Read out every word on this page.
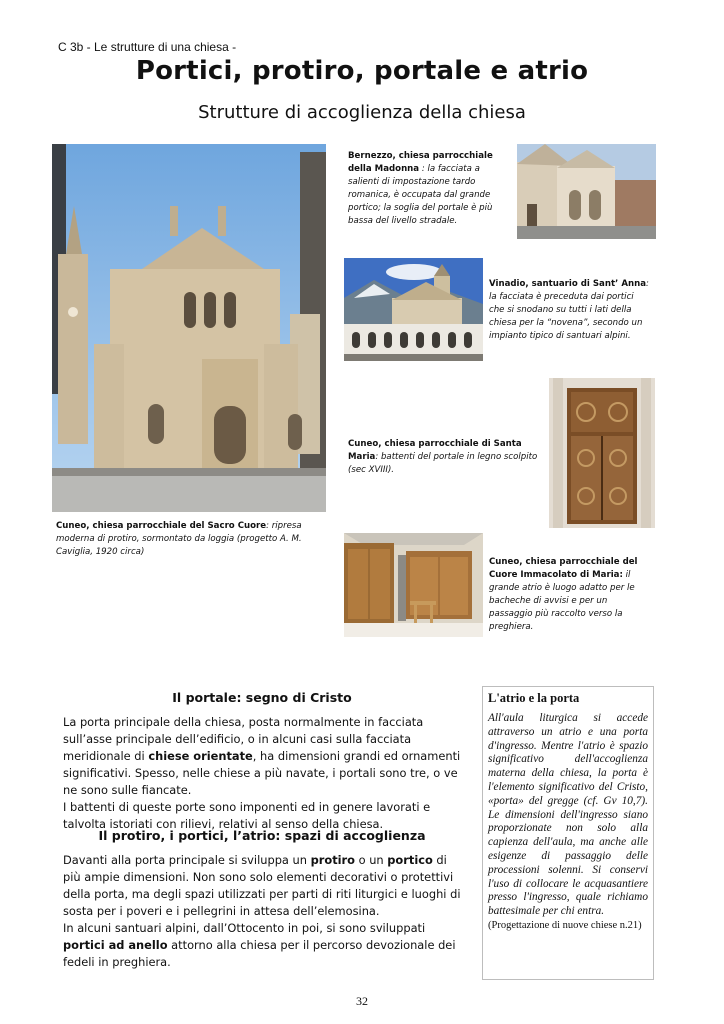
C 3b - Le strutture di una chiesa -
Portici, protiro, portale e atrio
Strutture di accoglienza della chiesa
Cuneo, chiesa parrocchiale del Sacro Cuore: ripresa moderna di protiro, sormontato da loggia (progetto A. M. Caviglia, 1920 circa)
Bernezzo, chiesa parrocchiale della Madonna : la facciata a salienti di impostazione tardo romanica, è occupata dal grande portico; la soglia del portale è più bassa del livello stradale.
Vinadio, santuario di Sant’ Anna: la facciata è preceduta dai portici che si snodano su tutti i lati della chiesa per la “novena”, secondo un impianto tipico di santuari alpini.
Cuneo, chiesa parrocchiale di Santa Maria: battenti del portale in legno scolpito (sec XVIII).
Cuneo, chiesa parrocchiale del Cuore Immacolato di Maria: il grande atrio è luogo adatto per le bacheche di avvisi e per un passaggio più raccolto verso la preghiera.
Il portale: segno di Cristo
La porta principale della chiesa, posta normalmente in facciata sull’asse principale dell’edificio, o in alcuni casi sulla facciata meridionale di chiese orientate, ha dimensioni grandi ed ornamenti significativi. Spesso, nelle chiese a più navate, i portali sono tre, o ve ne sono sulle fiancate.
I battenti di queste porte sono imponenti ed in genere lavorati e talvolta istoriati con rilievi, relativi al senso della chiesa.
Il protiro, i portici, l’atrio: spazi di accoglienza
Davanti alla porta principale si sviluppa un protiro o un portico di più ampie dimensioni. Non sono solo elementi decorativi o protettivi della porta, ma degli spazi utilizzati per parti di riti liturgici e luoghi di sosta per i poveri e i pellegrini in attesa dell’elemosina.
In alcuni santuari alpini, dall’Ottocento in poi, si sono sviluppati portici ad anello attorno alla chiesa per il percorso devozionale dei fedeli in preghiera.
L'atrio e la porta
All'aula liturgica si accede attraverso un atrio e una porta d'ingresso. Mentre l'atrio è spazio significativo dell'accoglienza materna della chiesa, la porta è l'elemento significativo del Cristo, «porta» del gregge (cf. Gv 10,7). Le dimensioni dell'ingresso siano proporzionate non solo alla capienza dell'aula, ma anche alle esigenze di passaggio delle processioni solenni. Si conservi l'uso di collocare le acquasantiere presso l'ingresso, quale richiamo battesimale per chi entra.
(Progettazione di nuove chiese n.21)
32
